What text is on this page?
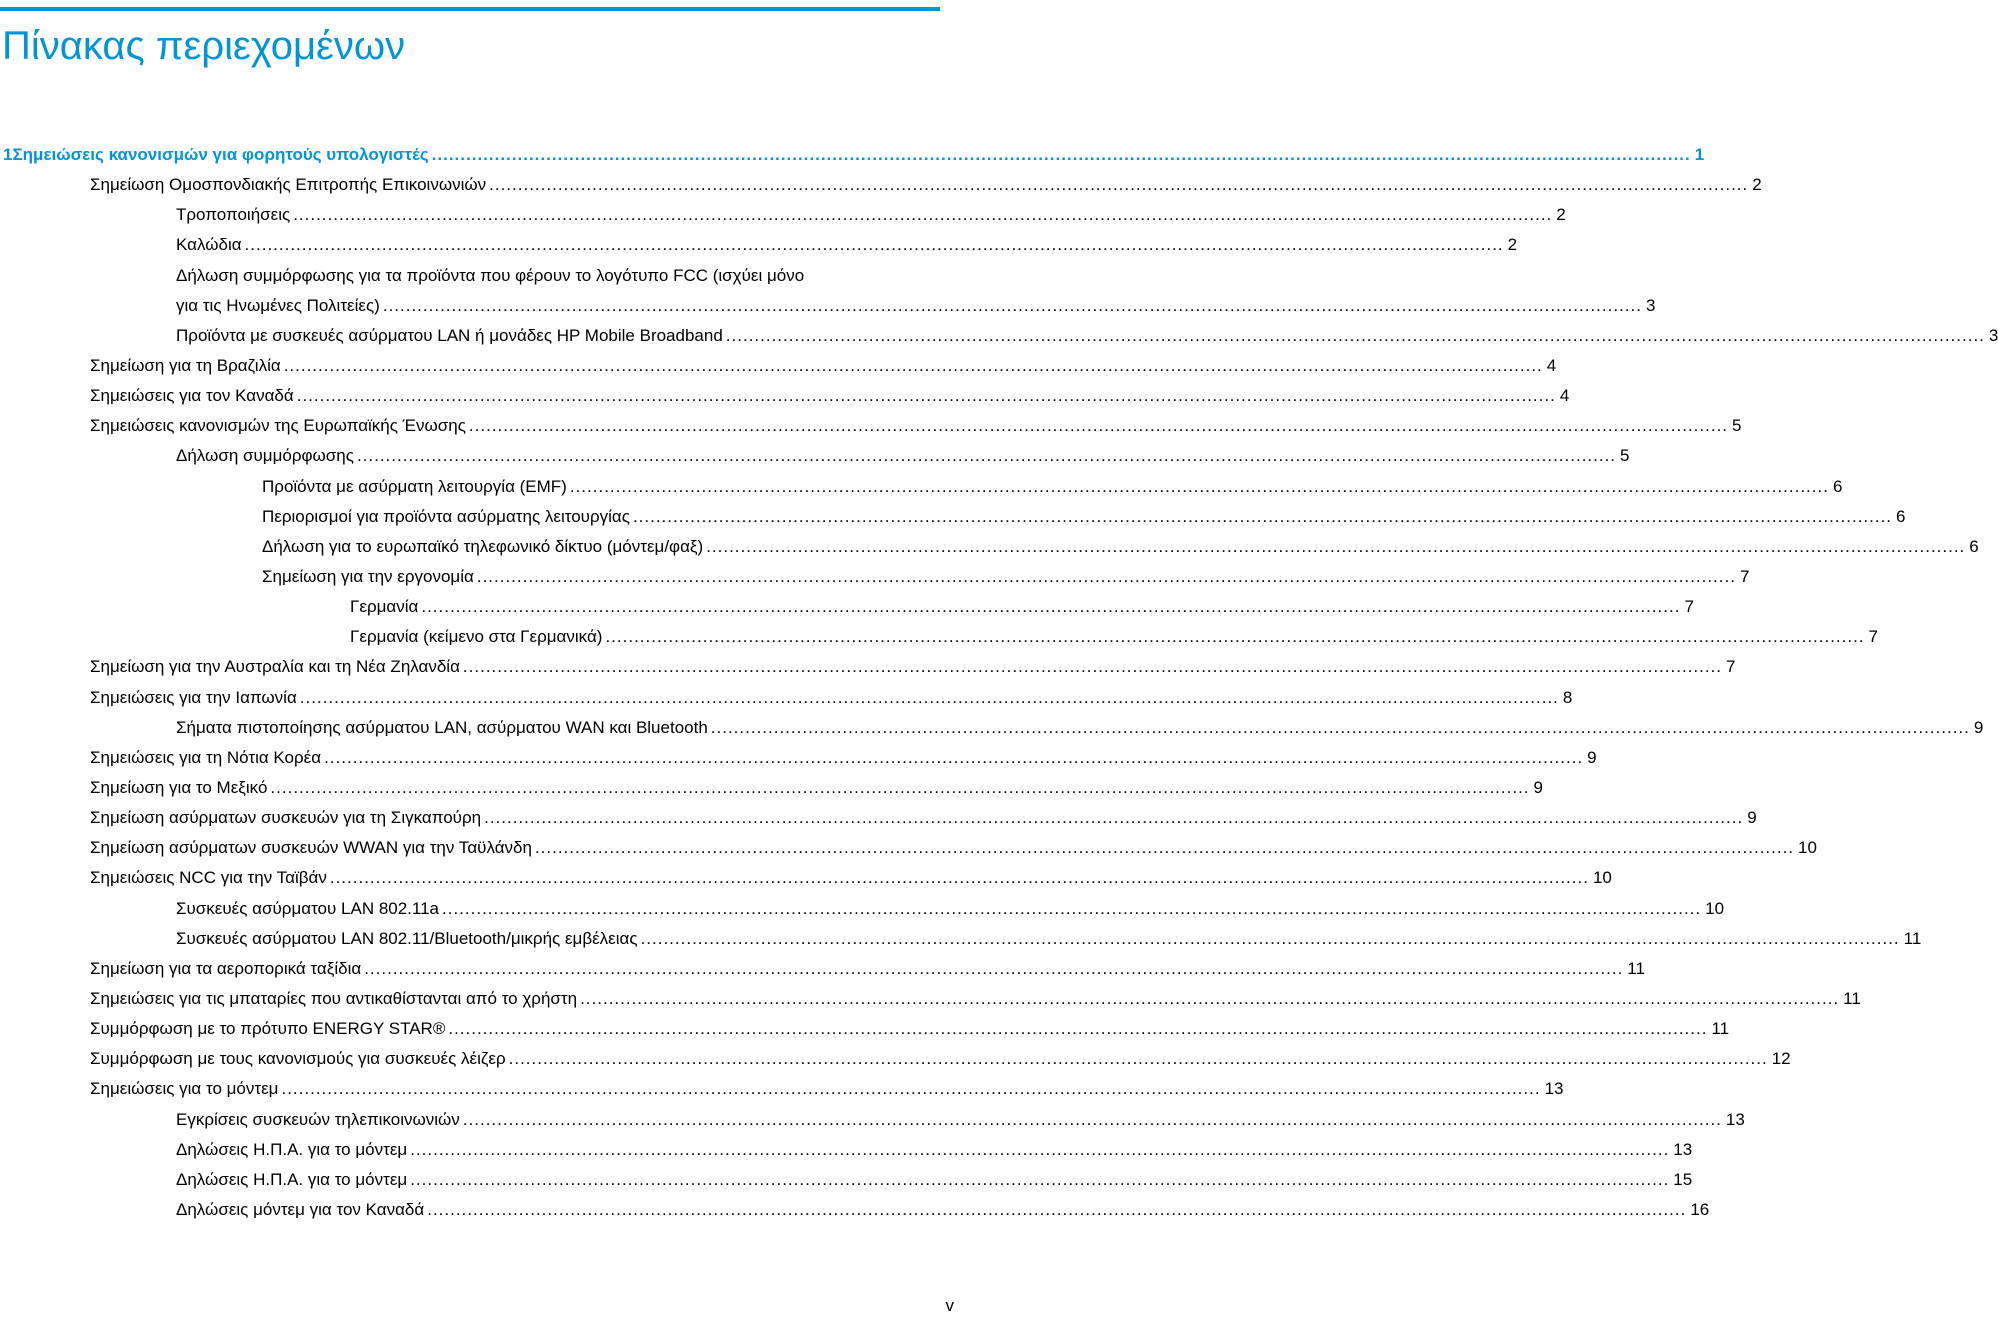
Πίνακας περιεχομένων
1 Σημειώσεις κανονισμών για φορητούς υπολογιστές ............................................................................................................................................................................................................................ 1
Σημείωση Ομοσπονδιακής Επιτροπής Επικοινωνιών ............................................................................................................................................................................................................................ 2
Τροποποιήσεις ............................................................................................................................................................................................................................ 2
Καλώδια ............................................................................................................................................................................................................................ 2
Δήλωση συμμόρφωσης για τα προϊόντα που φέρουν το λογότυπο FCC (ισχύει μόνο
για τις Ηνωμένες Πολιτείες) ............................................................................................................................................................................................................................ 3
Προϊόντα με συσκευές ασύρματου LAN ή μονάδες HP Mobile Broadband ............................................................................................................................................................................................................................ 3
Σημείωση για τη Βραζιλία ............................................................................................................................................................................................................................ 4
Σημειώσεις για τον Καναδά ............................................................................................................................................................................................................................ 4
Σημειώσεις κανονισμών της Ευρωπαϊκής Ένωσης ............................................................................................................................................................................................................................ 5
Δήλωση συμμόρφωσης ............................................................................................................................................................................................................................ 5
Προϊόντα με ασύρματη λειτουργία (EMF) ............................................................................................................................................................................................................................ 6
Περιορισμοί για προϊόντα ασύρματης λειτουργίας ............................................................................................................................................................................................................................ 6
Δήλωση για το ευρωπαϊκό τηλεφωνικό δίκτυο (μόντεμ/φαξ) ............................................................................................................................................................................................................................ 6
Σημείωση για την εργονομία ............................................................................................................................................................................................................................ 7
Γερμανία ............................................................................................................................................................................................................................ 7
Γερμανία (κείμενο στα Γερμανικά) ............................................................................................................................................................................................................................ 7
Σημείωση για την Αυστραλία και τη Νέα Ζηλανδία ............................................................................................................................................................................................................................ 7
Σημειώσεις για την Ιαπωνία ............................................................................................................................................................................................................................ 8
Σήματα πιστοποίησης ασύρματου LAN, ασύρματου WAN και Bluetooth ............................................................................................................................................................................................................................ 9
Σημειώσεις για τη Νότια Κορέα ............................................................................................................................................................................................................................ 9
Σημείωση για το Μεξικό ............................................................................................................................................................................................................................ 9
Σημείωση ασύρματων συσκευών για τη Σιγκαπούρη ............................................................................................................................................................................................................................ 9
Σημείωση ασύρματων συσκευών WWAN για την Ταϋλάνδη ............................................................................................................................................................................................................................ 10
Σημειώσεις NCC για την Ταϊβάν ............................................................................................................................................................................................................................ 10
Συσκευές ασύρματου LAN 802.11a ............................................................................................................................................................................................................................ 10
Συσκευές ασύρματου LAN 802.11/Bluetooth/μικρής εμβέλειας ............................................................................................................................................................................................................................ 11
Σημείωση για τα αεροπορικά ταξίδια ............................................................................................................................................................................................................................ 11
Σημειώσεις για τις μπαταρίες που αντικαθίστανται από το χρήστη ............................................................................................................................................................................................................................ 11
Συμμόρφωση με το πρότυπο ENERGY STAR® ............................................................................................................................................................................................................................ 11
Συμμόρφωση με τους κανονισμούς για συσκευές λέιζερ ............................................................................................................................................................................................................................ 12
Σημειώσεις για το μόντεμ ............................................................................................................................................................................................................................ 13
Εγκρίσεις συσκευών τηλεπικοινωνιών ............................................................................................................................................................................................................................ 13
Δηλώσεις Η.Π.Α. για το μόντεμ ............................................................................................................................................................................................................................ 13
Δηλώσεις Η.Π.Α. για το μόντεμ ............................................................................................................................................................................................................................ 15
Δηλώσεις μόντεμ για τον Καναδά ............................................................................................................................................................................................................................ 16
v
